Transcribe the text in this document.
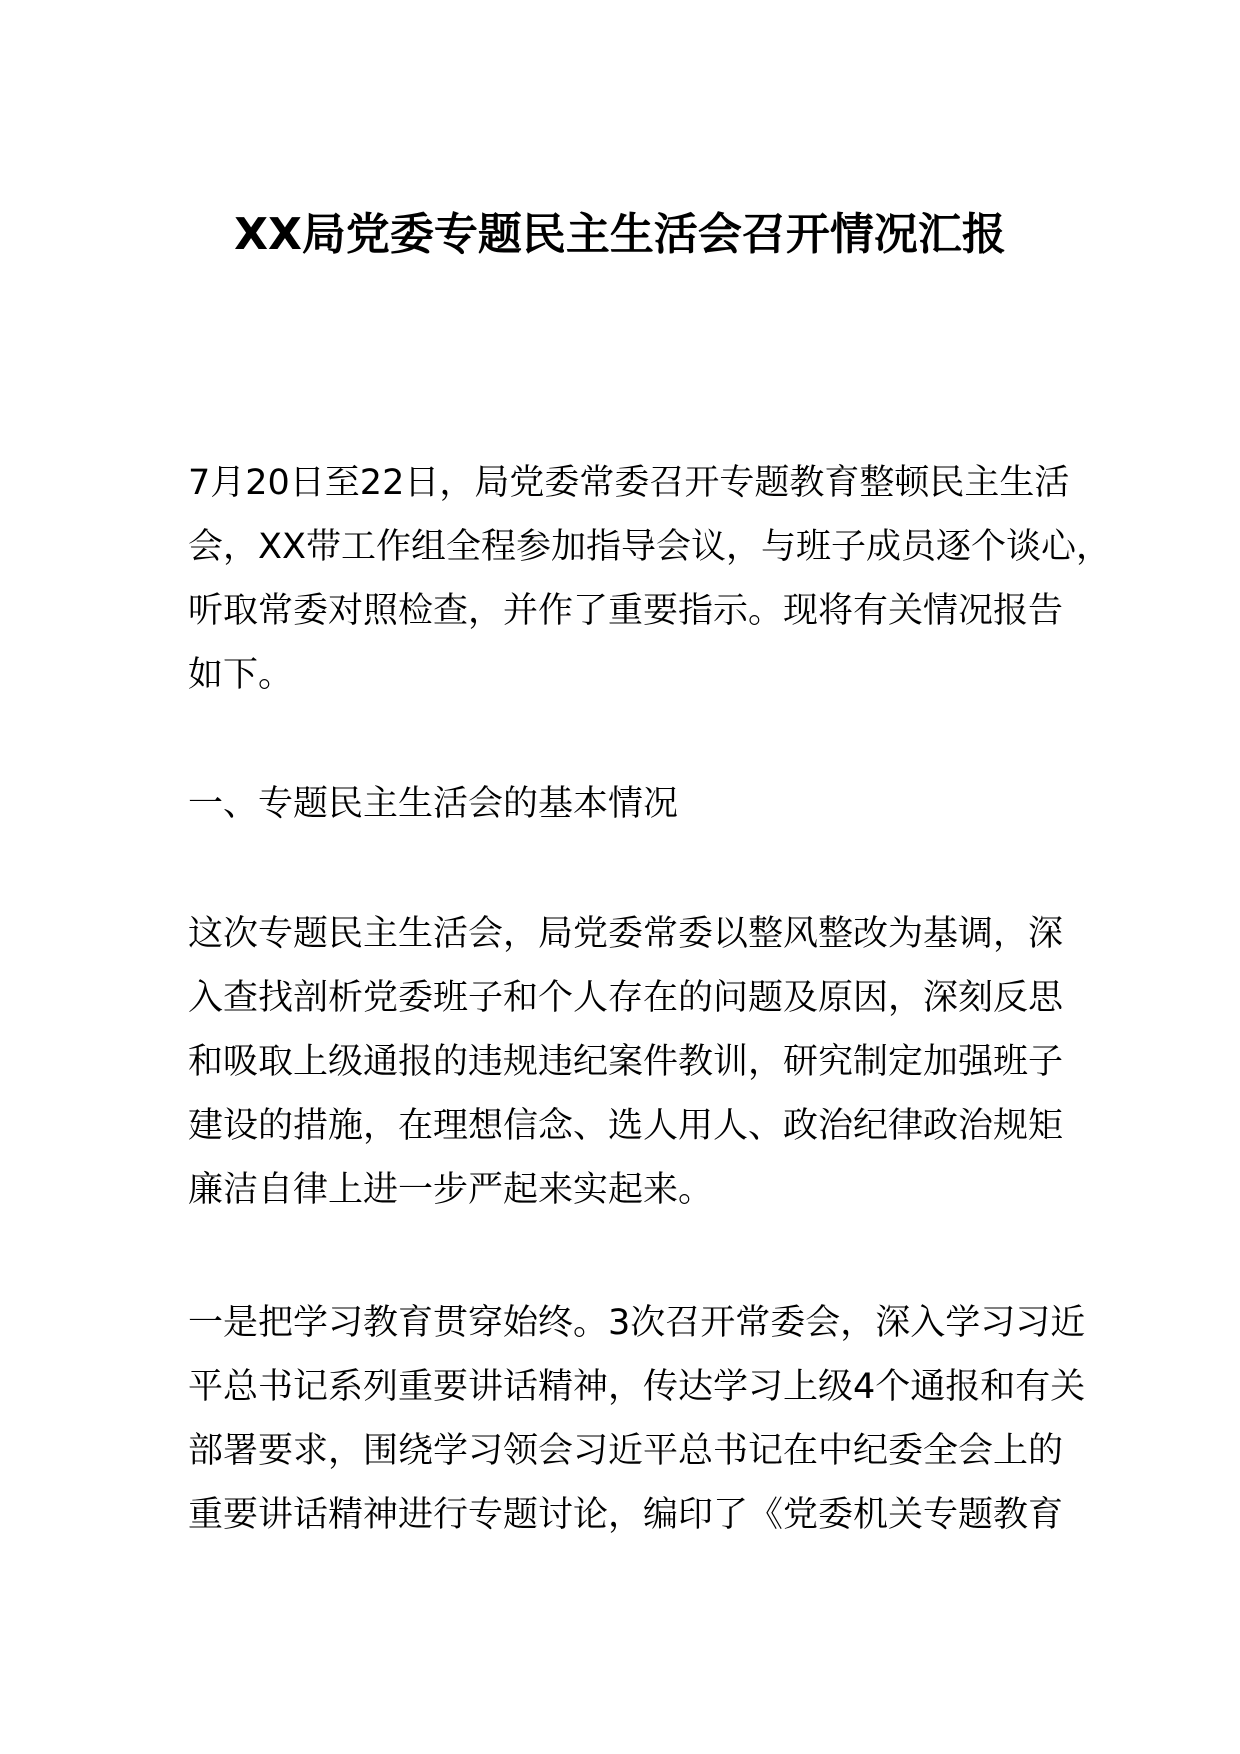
XX局党委专题民主生活会召开情况汇报
7月20日至22日，局党委常委召开专题教育整顿民主生活
会，XX带工作组全程参加指导会议，与班子成员逐个谈心，
听取常委对照检查，并作了重要指示。现将有关情况报告
如下。
一、专题民主生活会的基本情况
这次专题民主生活会，局党委常委以整风整改为基调，深
入查找剖析党委班子和个人存在的问题及原因，深刻反思
和吸取上级通报的违规违纪案件教训，研究制定加强班子
建设的措施，在理想信念、选人用人、政治纪律政治规矩
廉洁自律上进一步严起来实起来。
一是把学习教育贯穿始终。3次召开常委会，深入学习习近
平总书记系列重要讲话精神，传达学习上级4个通报和有关
部署要求，围绕学习领会习近平总书记在中纪委全会上的
重要讲话精神进行专题讨论，编印了《党委机关专题教育
